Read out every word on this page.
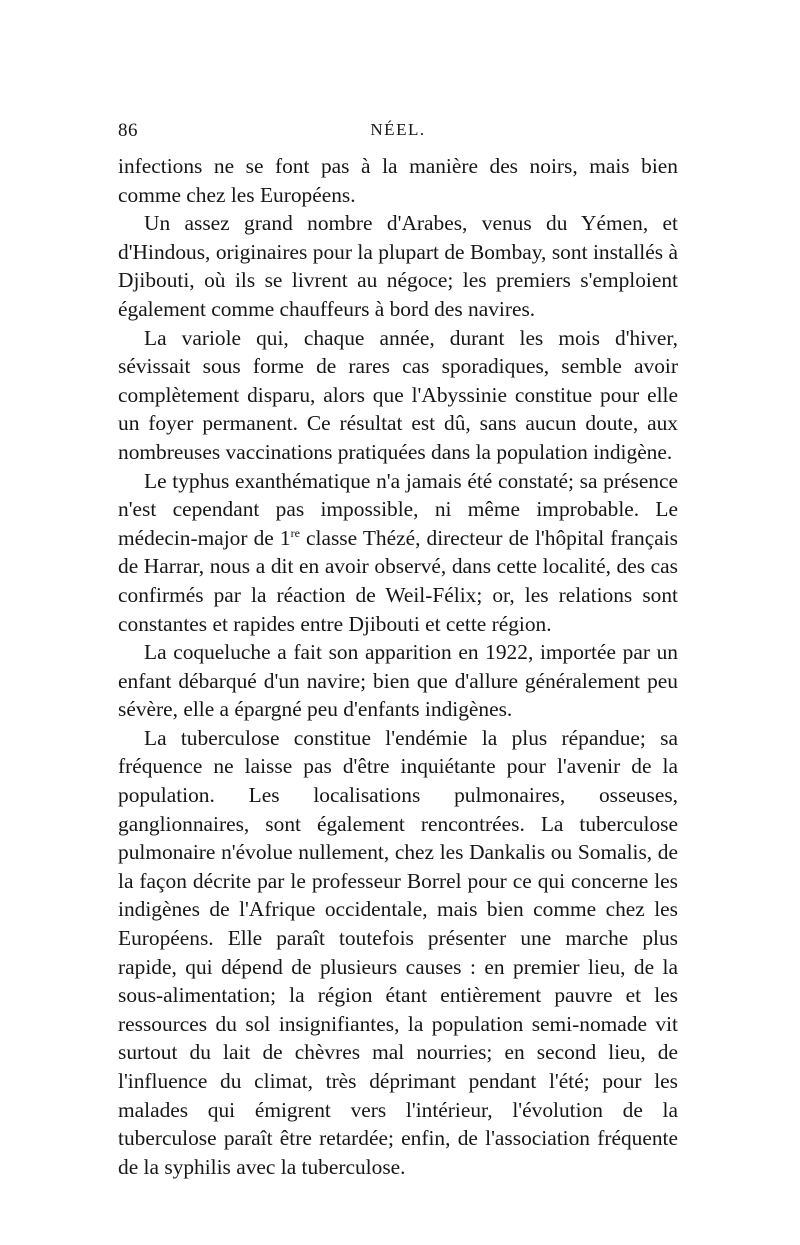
86	NÉEL.

infections ne se font pas à la manière des noirs, mais bien comme chez les Européens.

Un assez grand nombre d'Arabes, venus du Yémen, et d'Hindous, originaires pour la plupart de Bombay, sont installés à Djibouti, où ils se livrent au négoce; les premiers s'emploient également comme chauffeurs à bord des navires.

La variole qui, chaque année, durant les mois d'hiver, sévissait sous forme de rares cas sporadiques, semble avoir complètement disparu, alors que l'Abyssinie constitue pour elle un foyer permanent. Ce résultat est dû, sans aucun doute, aux nombreuses vaccinations pratiquées dans la population indigène.

Le typhus exanthématique n'a jamais été constaté; sa présence n'est cependant pas impossible, ni même improbable. Le médecin-major de 1re classe Thézé, directeur de l'hôpital français de Harrar, nous a dit en avoir observé, dans cette localité, des cas confirmés par la réaction de Weil-Félix; or, les relations sont constantes et rapides entre Djibouti et cette région.

La coqueluche a fait son apparition en 1922, importée par un enfant débarqué d'un navire; bien que d'allure généralement peu sévère, elle a épargné peu d'enfants indigènes.

La tuberculose constitue l'endémie la plus répandue; sa fréquence ne laisse pas d'être inquiétante pour l'avenir de la population. Les localisations pulmonaires, osseuses, ganglionnaires, sont également rencontrées. La tuberculose pulmonaire n'évolue nullement, chez les Dankalis ou Somalis, de la façon décrite par le professeur Borrel pour ce qui concerne les indigènes de l'Afrique occidentale, mais bien comme chez les Européens. Elle paraît toutefois présenter une marche plus rapide, qui dépend de plusieurs causes : en premier lieu, de la sous-alimentation; la région étant entièrement pauvre et les ressources du sol insignifiantes, la population semi-nomade vit surtout du lait de chèvres mal nourries; en second lieu, de l'influence du climat, très déprimant pendant l'été; pour les malades qui émigrent vers l'intérieur, l'évolution de la tuberculose paraît être retardée; enfin, de l'association fréquente de la syphilis avec la tuberculose.
